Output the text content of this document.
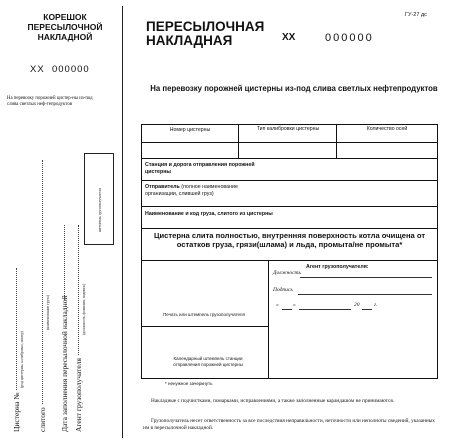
КОРЕШОК
ПЕРЕСЫЛОЧНОЙ
НАКЛАДНОЙ
XX 000000
На перевозку порожней цистер-ны из-под слива светлых неф-тепродуктов
Цистерна №
(род цистерны, калибровка, номер)
слитого
(наименование груза) Дата заполнения пересылочной накладной Агент грузополучателя
(должность, фамилия, подпись)
штемпель грузополучателя
ПЕРЕСЫЛОЧНАЯ
НАКЛАДНАЯ	XX	000000
ГУ-27 дс
На перевозку порожней цистерны из-под слива светлых нефтепродуктов
Номер цистерны	Тип калибровки цистерны	Количество осей
Станция и дорога отправления порожней цистерны
Отправитель (полное наименование организации, слившей груз)
Наименование и код груза, слитого из цистерны
Цистерна слита полностью, внутренняя поверхность котла очищена от остатков груза, грязи(шламa) и льда, промыта/не промыта*
Печать или штемпель грузополучателя
Календарный штемпель станции отправления порожней цистерны
Агент грузополучателя:
Должность
Подпись
«	»	20	г.
* ненужное зачеркнуть
Накладные с подчистками, помарками, исправлениями, а также заполненные карандашом не принимаются.
Грузополучатель несет ответственность за все последствия неправильности, неточности или неполноты сведений, указанных им в пересылочной накладной.
